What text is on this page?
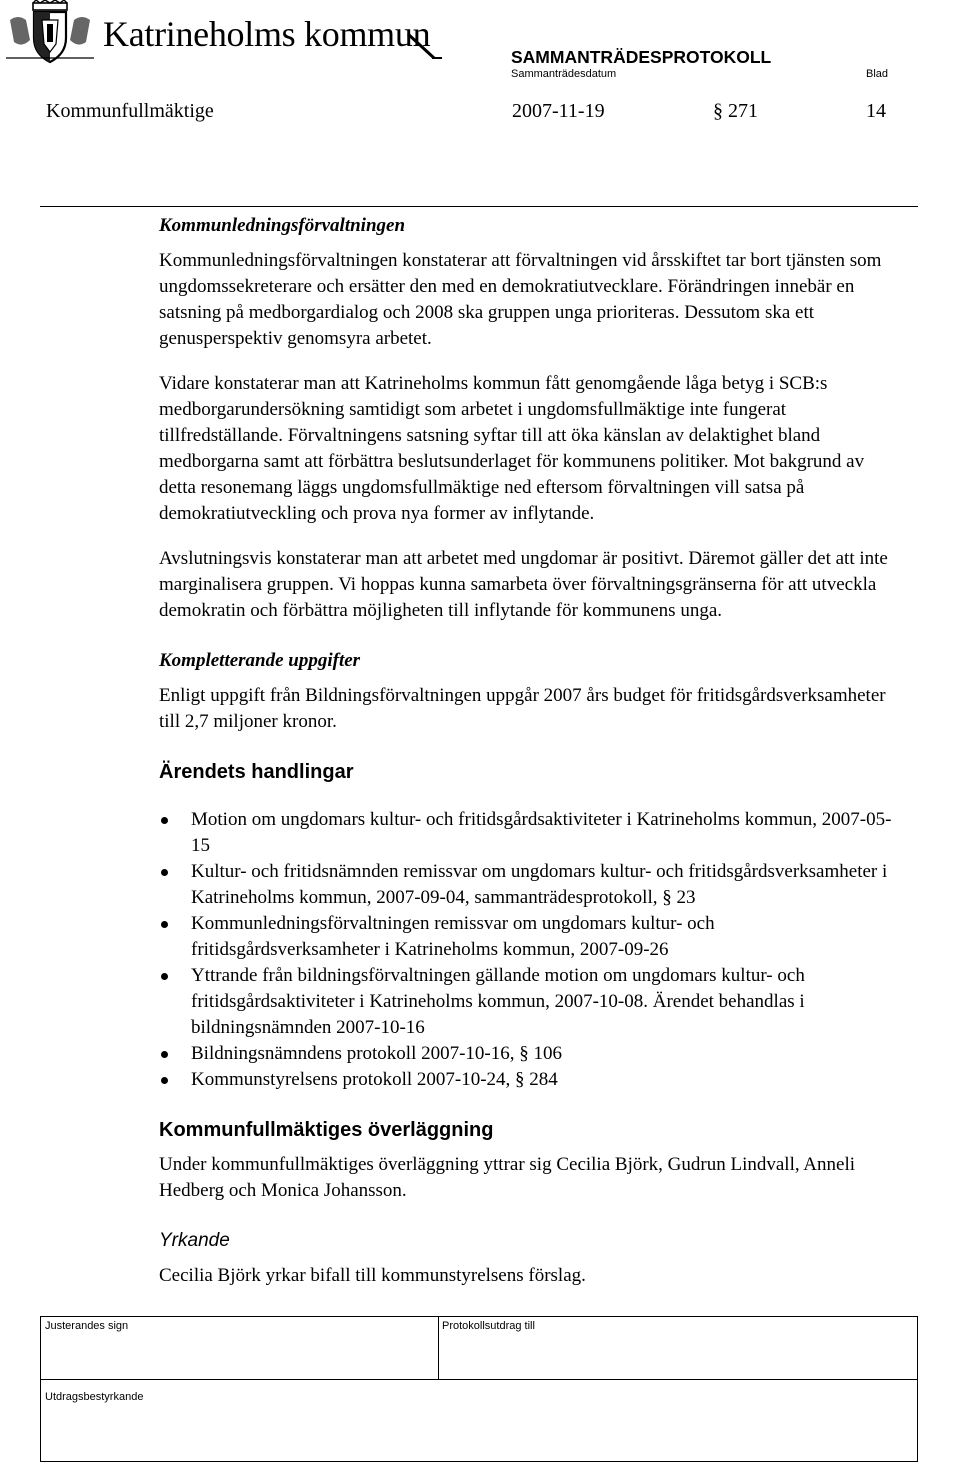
Katrineholms kommun
SAMMANTRÄDESPROTOKOLL
Sammanträdesdatum	Blad
Kommunfullmäktige	2007-11-19	§ 271	14

Kommunledningsförvaltningen

Kommunledningsförvaltningen konstaterar att förvaltningen vid årsskiftet tar bort tjänsten som ungdomssekreterare och ersätter den med en demokratiutvecklare. Förändringen innebär en satsning på medborgardialog och 2008 ska gruppen unga prioriteras. Dessutom ska ett genusperspektiv genomsyra arbetet.

Vidare konstaterar man att Katrineholms kommun fått genomgående låga betyg i SCB:s medborgarundersökning samtidigt som arbetet i ungdomsfullmäktige inte fungerat tillfredställande. Förvaltningens satsning syftar till att öka känslan av delaktighet bland medborgarna samt att förbättra beslutsunderlaget för kommunens politiker. Mot bakgrund av detta resonemang läggs ungdomsfullmäktige ned eftersom förvaltningen vill satsa på demokratiutveckling och prova nya former av inflytande.

Avslutningsvis konstaterar man att arbetet med ungdomar är positivt. Däremot gäller det att inte marginalisera gruppen. Vi hoppas kunna samarbeta över förvaltningsgränserna för att utveckla demokratin och förbättra möjligheten till inflytande för kommunens unga.

Kompletterande uppgifter

Enligt uppgift från Bildningsförvaltningen uppgår 2007 års budget för fritidsgårdsverksamheter till 2,7 miljoner kronor.

Ärendets handlingar

Motion om ungdomars kultur- och fritidsgårdsaktiviteter i Katrineholms kommun, 2007-05-15
Kultur- och fritidsnämnden remissvar om ungdomars kultur- och fritidsgårdsverksamheter i Katrineholms kommun, 2007-09-04, sammanträdesprotokoll, § 23
Kommunledningsförvaltningen remissvar om ungdomars kultur- och fritidsgårdsverksamheter i Katrineholms kommun, 2007-09-26
Yttrande från bildningsförvaltningen gällande motion om ungdomars kultur- och fritidsgårdsaktiviteter i Katrineholms kommun, 2007-10-08. Ärendet behandlas i bildningsnämnden 2007-10-16
Bildningsnämndens protokoll 2007-10-16, § 106
Kommunstyrelsens protokoll 2007-10-24, § 284

Kommunfullmäktiges överläggning

Under kommunfullmäktiges överläggning yttrar sig Cecilia Björk, Gudrun Lindvall, Anneli Hedberg och Monica Johansson.

Yrkande

Cecilia Björk yrkar bifall till kommunstyrelsens förslag.

Justerandes sign	Protokollsutdrag till
Utdragsbestyrkande
